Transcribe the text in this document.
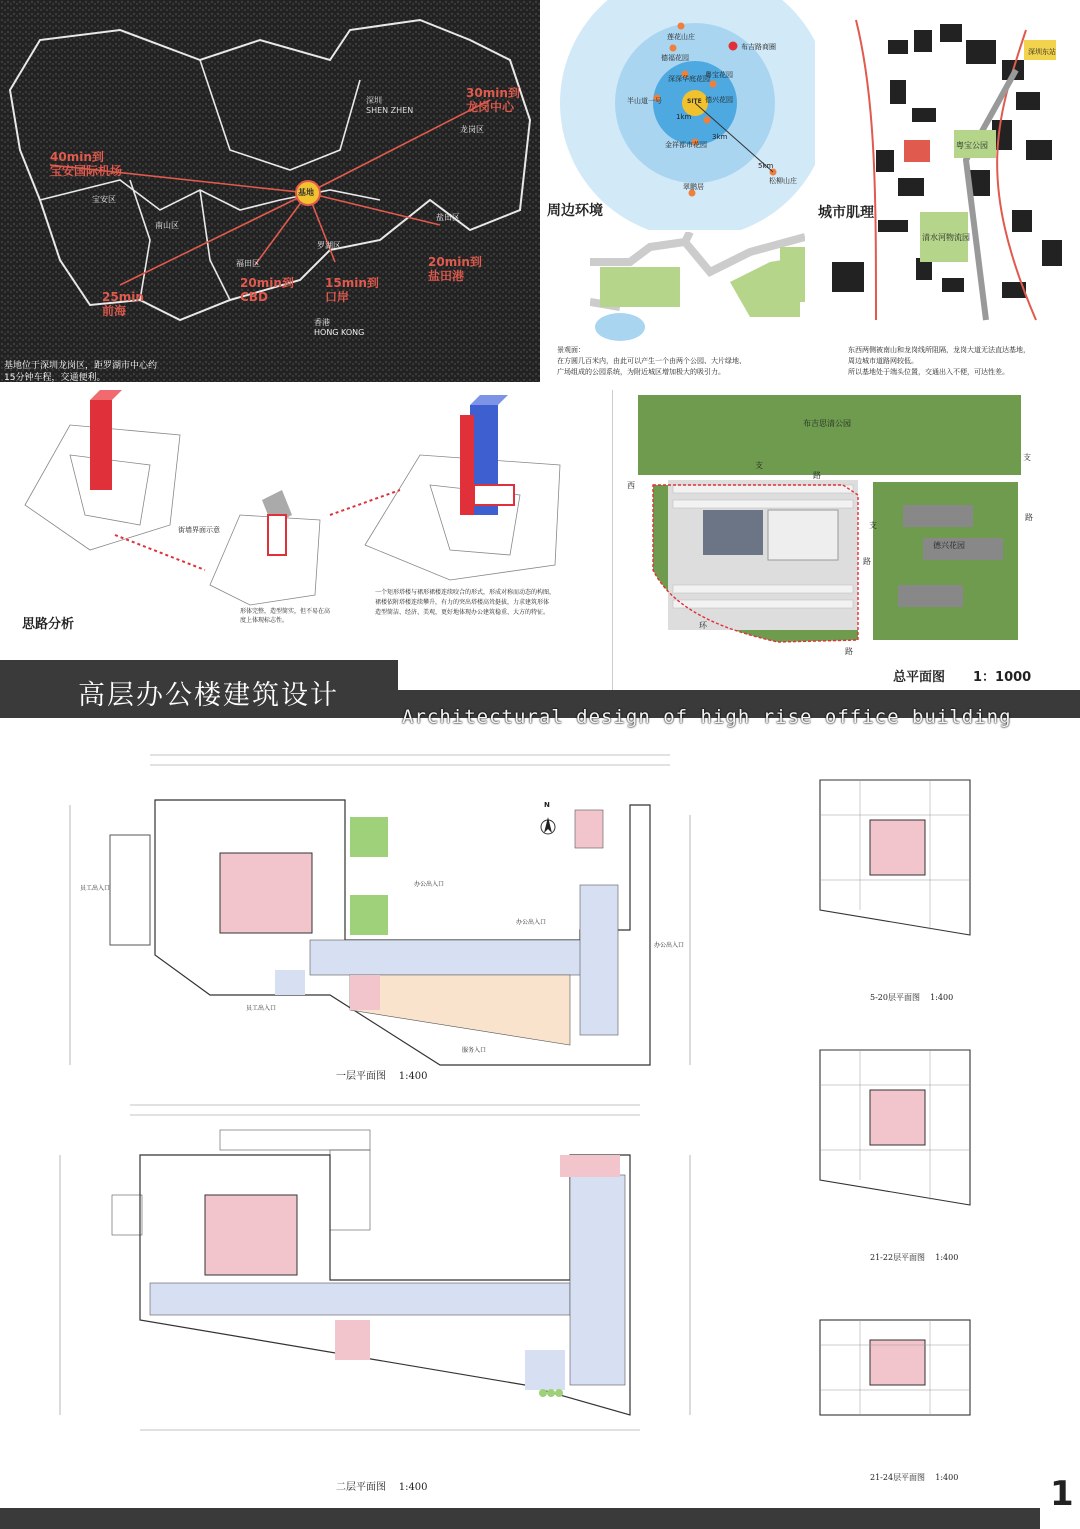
深圳
SHEN ZHEN
基地
40min到
宝安国际机场
30min到
龙岗中心
20min到
盐田港
15min到
口岸
20min到
CBD
25min
前海
宝安区
南山区
福田区
罗湖区
盐田区
龙岗区
香港
HONG KONG
基地位于深圳龙岗区，距罗湖市中心约
15分钟车程，交通便利。
1km
3km
5km
SITE
莲花山庄
德福花园
深深华庭花园
粤宝花园
半山道一号	德兴花园
金祥都市花园
翠鹏居
松柳山庄
布吉路商圈
周边环境
景观面：
在方圆几百米内，由此可以产生一个由两个公园、大片绿地、
广场组成的公园系统，为附近城区增加极大的吸引力。
深圳东站
粤宝公园
清水河物流园
城市肌理
东西两侧被南山和龙岗线所阻隔，龙岗大道无法直达基地，
周边城市道路网较低。
所以基地处于端头位置，交通出入不便，可达性差。
街墙界面示意
形体完整，造型简实，但不易在高
度上体现标志性。
一个矩形塔楼与裙形裙楼连续咬合的形式，形成对称而动态的构图，
裙楼依附塔楼连续攀升，有力的突出塔楼高耸挺拔，力求建筑形体
造型简洁、经济、美观，更好地体现办公建筑稳重、大方的特征。
思路分析
布吉思清公园
德兴花园
支
路
西
环
路
支
路
支
路
总平面图 1：1000
高层办公楼建筑设计
Architectural design of high rise office building
N
员工出入口
办公出入口
办公出入口
员工出入口
服务入口
办公出入口
一层平面图    1:400
二层平面图    1:400
5-20层平面图    1:400
21-22层平面图    1:400
21-24层平面图    1:400	1
